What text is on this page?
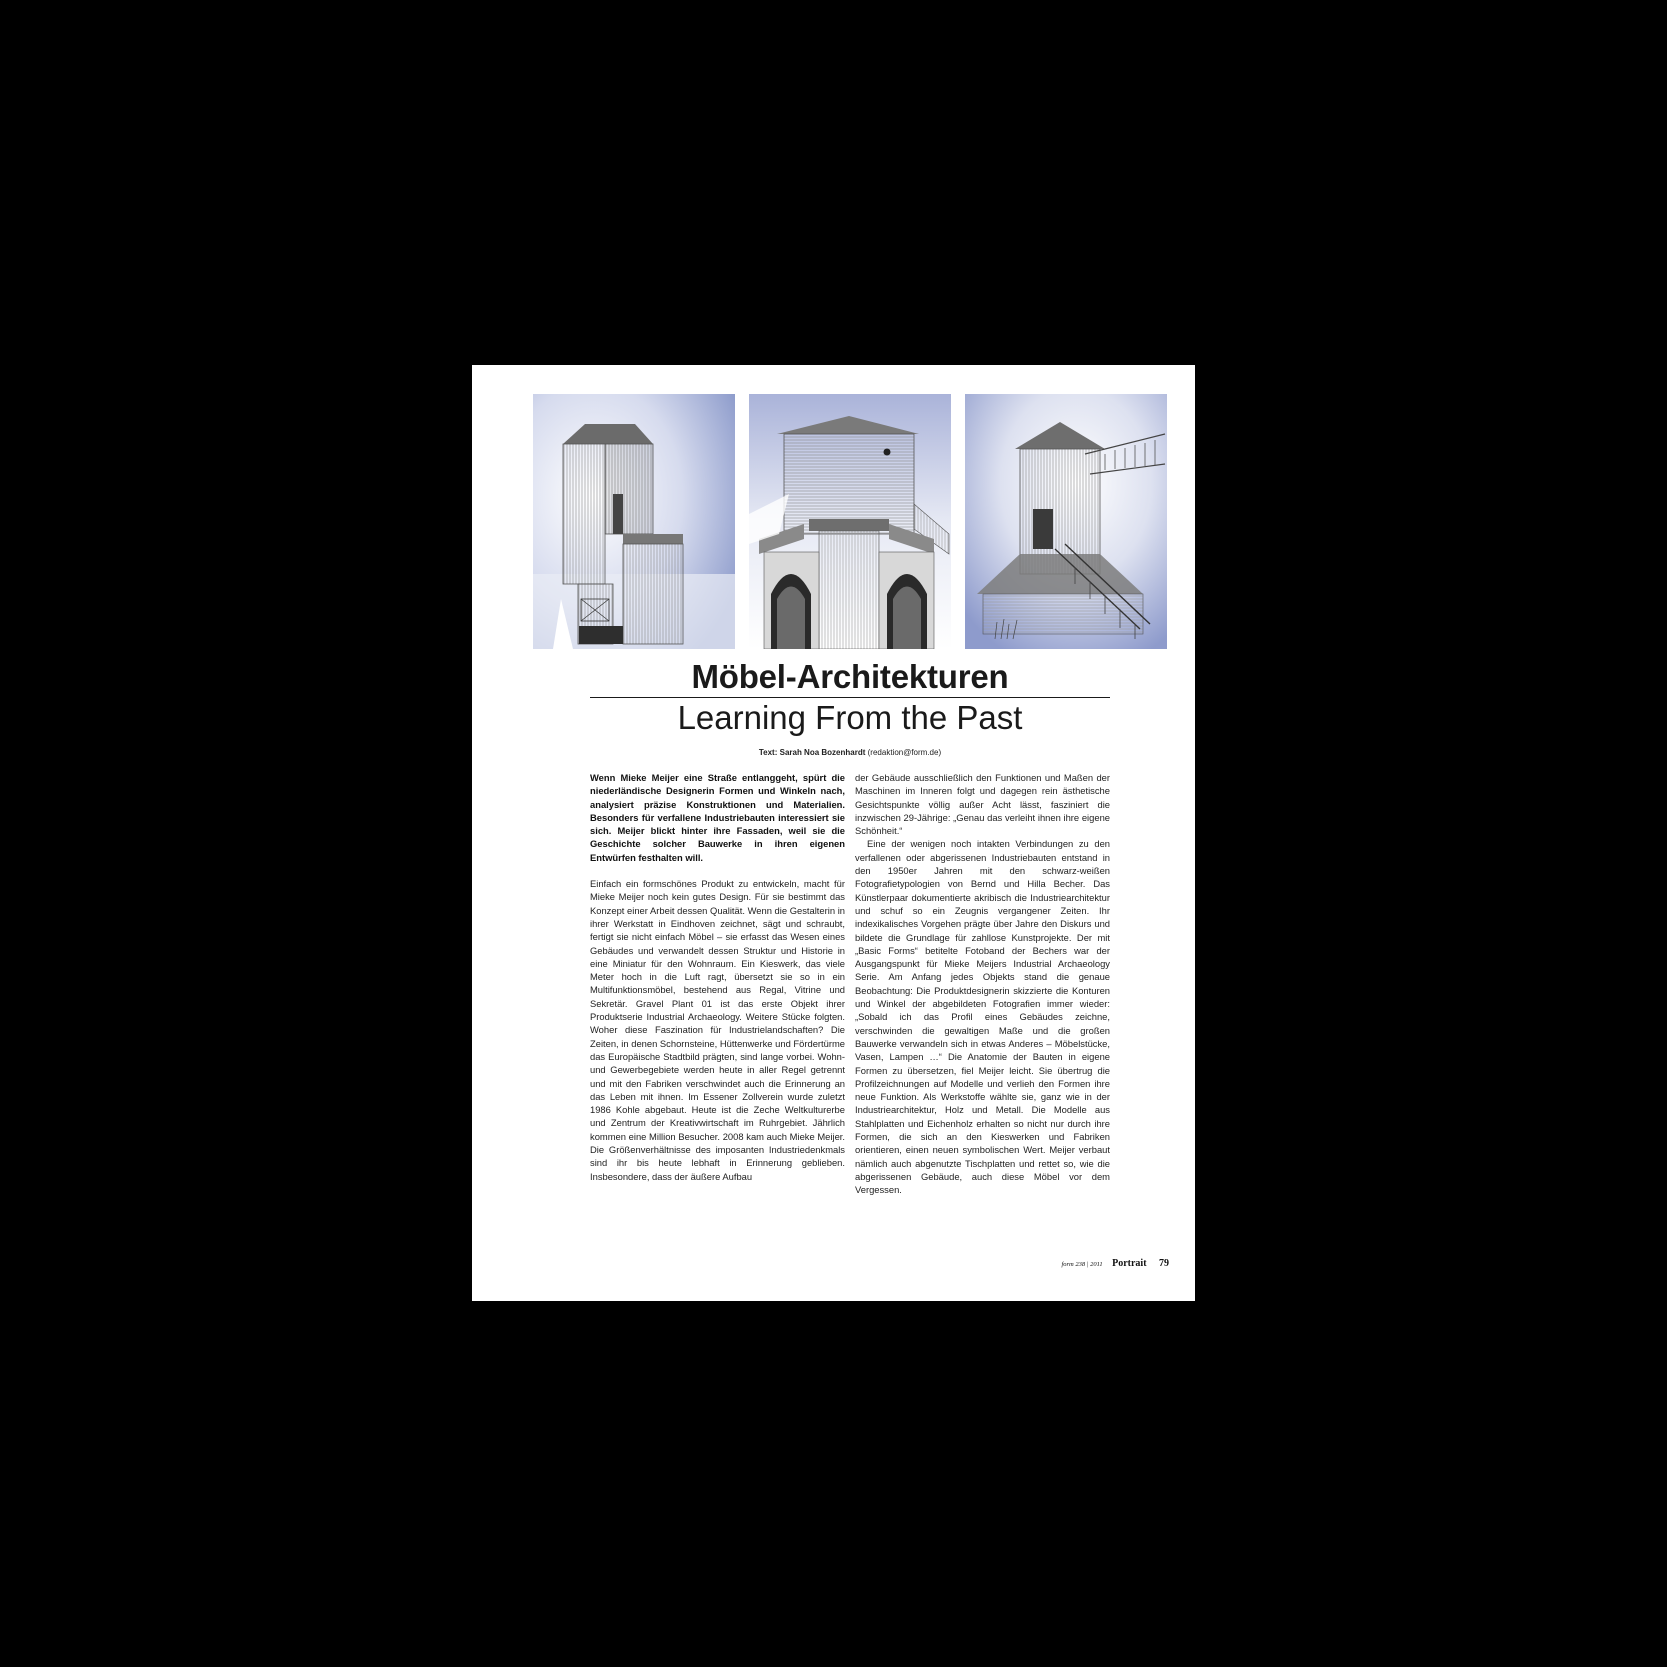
Möbel-Architekturen
Learning From the Past
Text: Sarah Noa Bozenhardt (redaktion@form.de)

Wenn Mieke Meijer eine Straße entlanggeht, spürt die niederländische Designerin Formen und Winkeln nach, analysiert präzise Konstruktionen und Materialien. Besonders für verfallene Industriebauten interessiert sie sich. Meijer blickt hinter ihre Fassaden, weil sie die Geschichte solcher Bauwerke in ihren eigenen Entwürfen festhalten will.

Einfach ein formschönes Produkt zu entwickeln, macht für Mieke Meijer noch kein gutes Design. Für sie bestimmt das Konzept einer Arbeit dessen Qualität. Wenn die Gestalterin in ihrer Werkstatt in Eindhoven zeichnet, sägt und schraubt, fertigt sie nicht einfach Möbel – sie erfasst das Wesen eines Gebäudes und verwandelt dessen Struktur und Historie in eine Miniatur für den Wohnraum. Ein Kieswerk, das viele Meter hoch in die Luft ragt, übersetzt sie so in ein Multifunktionsmöbel, bestehend aus Regal, Vitrine und Sekretär. Gravel Plant 01 ist das erste Objekt ihrer Produktserie Industrial Archaeology. Weitere Stücke folgten. Woher diese Faszination für Industrielandschaften? Die Zeiten, in denen Schornsteine, Hüttenwerke und Fördertürme das Europäische Stadtbild prägten, sind lange vorbei. Wohn- und Gewerbegebiete werden heute in aller Regel getrennt und mit den Fabriken verschwindet auch die Erinnerung an das Leben mit ihnen. Im Essener Zollverein wurde zuletzt 1986 Kohle abgebaut. Heute ist die Zeche Weltkulturerbe und Zentrum der Kreativwirtschaft im Ruhrgebiet. Jährlich kommen eine Million Besucher. 2008 kam auch Mieke Meijer. Die Größenverhältnisse des imposanten Industriedenkmals sind ihr bis heute lebhaft in Erinnerung geblieben. Insbesondere, dass der äußere Aufbau

der Gebäude ausschließlich den Funktionen und Maßen der Maschinen im Inneren folgt und dagegen rein ästhetische Gesichtspunkte völlig außer Acht lässt, fasziniert die inzwischen 29-Jährige: „Genau das verleiht ihnen ihre eigene Schönheit.“

Eine der wenigen noch intakten Verbindungen zu den verfallenen oder abgerissenen Industriebauten entstand in den 1950er Jahren mit den schwarz-weißen Fotografietypologien von Bernd und Hilla Becher. Das Künstlerpaar dokumentierte akribisch die Industriearchitektur und schuf so ein Zeugnis vergangener Zeiten. Ihr indexikalisches Vorgehen prägte über Jahre den Diskurs und bildete die Grundlage für zahllose Kunstprojekte. Der mit „Basic Forms“ betitelte Fotoband der Bechers war der Ausgangspunkt für Mieke Meijers Industrial Archaeology Serie. Am Anfang jedes Objekts stand die genaue Beobachtung: Die Produktdesignerin skizzierte die Konturen und Winkel der abgebildeten Fotografien immer wieder: „Sobald ich das Profil eines Gebäudes zeichne, verschwinden die gewaltigen Maße und die großen Bauwerke verwandeln sich in etwas Anderes – Möbelstücke, Vasen, Lampen …“ Die Anatomie der Bauten in eigene Formen zu übersetzen, fiel Meijer leicht. Sie übertrug die Profilzeichnungen auf Modelle und verlieh den Formen ihre neue Funktion. Als Werkstoffe wählte sie, ganz wie in der Industriearchitektur, Holz und Metall. Die Modelle aus Stahlplatten und Eichenholz erhalten so nicht nur durch ihre Formen, die sich an den Kieswerken und Fabriken orientieren, einen neuen symbolischen Wert. Meijer verbaut nämlich auch abgenutzte Tischplatten und rettet so, wie die abgerissenen Gebäude, auch diese Möbel vor dem Vergessen.

form 238 | 2011 Portrait 79
